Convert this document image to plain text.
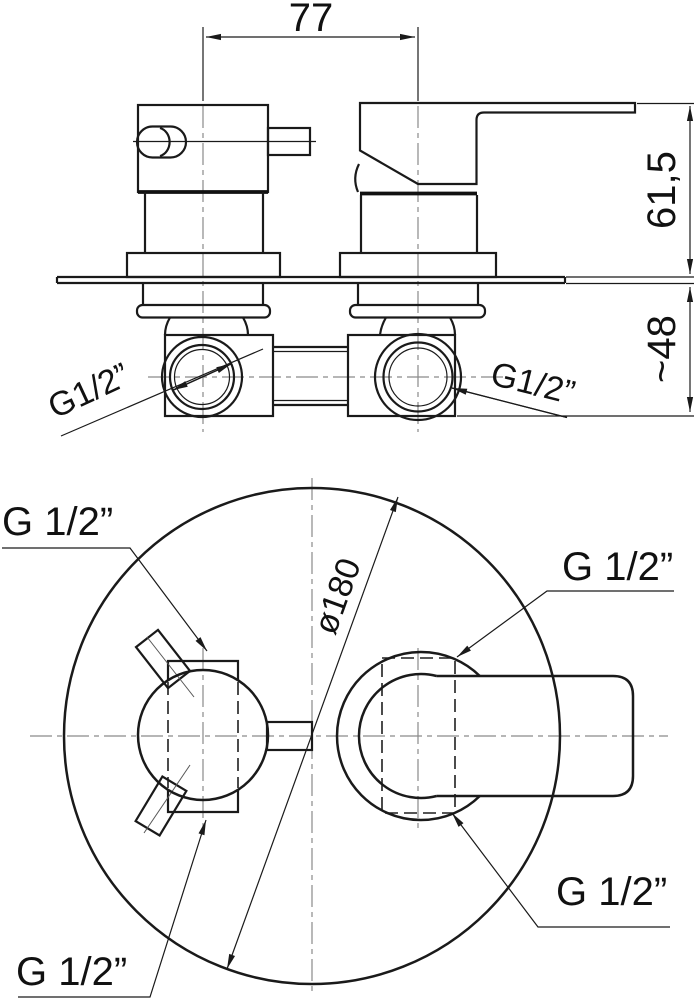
77
61,5
~48
G1/2”	G1/2”
ø180
G 1/2”
G 1/2”
G 1/2”
G 1/2”
